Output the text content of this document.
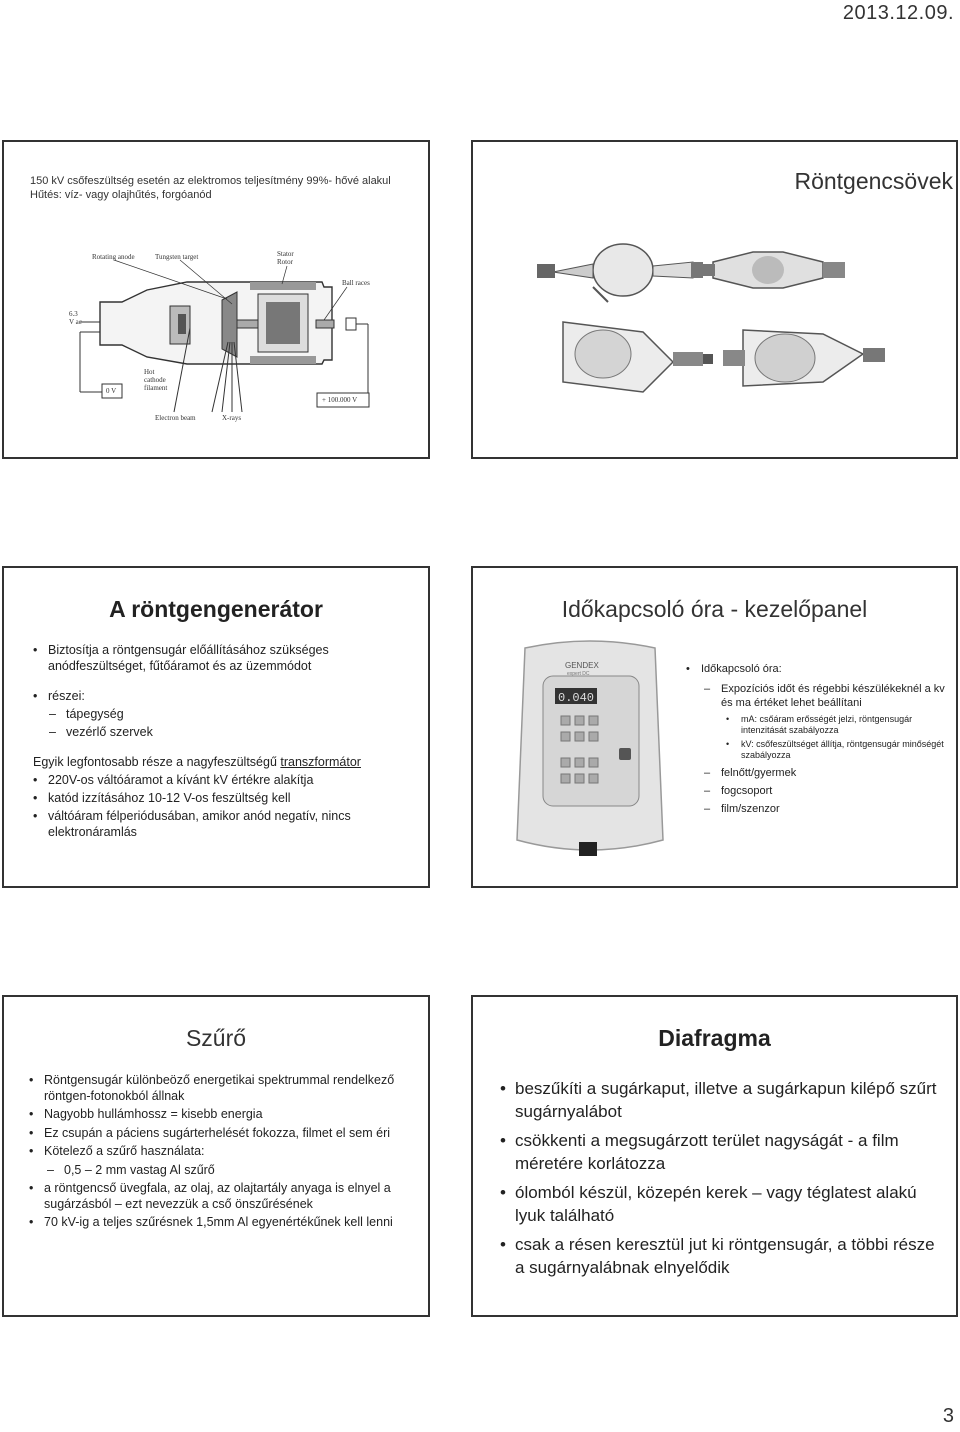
2013.12.09.
150 kV csőfeszültség esetén az elektromos teljesítmény 99%- hővé alakul
Hűtés: víz- vagy olajhűtés, forgóanód
Rotating anode	Tungsten target	Stator
Rotor
Ball races
6.3
V ac
Hot
cathode
filament
0 V
+ 100.000 V
Electron beam	X-rays
Röntgencsövek
A röntgengenerátor
• Biztosítja a röntgensugár előállításához szükséges anódfeszültséget, fűtőáramot és az üzemmódot
• részei:
– tápegység
– vezérlő szervek
Egyik legfontosabb része a nagyfeszültségű transzformátor
• 220V-os váltóáramot a kívánt kV értékre alakítja
• katód izzításához 10-12 V-os feszültség kell
• váltóáram félperiódusában, amikor anód negatív, nincs elektronáramlás
Időkapcsoló óra - kezelőpanel
GENDEX
expert DC
0.040
• Időkapcsoló óra:
– Expozíciós időt és régebbi készülékeknél a kv és ma értéket lehet beállítani
• mA: csőáram erősségét jelzi, röntgensugár intenzitását szabályozza
• kV: csőfeszültséget állítja, röntgensugár minőségét szabályozza
– felnőtt/gyermek
– fogcsoport
– film/szenzor
Szűrő
• Röntgensugár különbeöző energetikai spektrummal rendelkező röntgen-fotonokból állnak
• Nagyobb hullámhossz = kisebb energia
• Ez csupán a páciens sugárterhelését fokozza, filmet el sem éri
• Kötelező a szűrő használata:
– 0,5 – 2 mm vastag Al szűrő
• a röntgencső üvegfala, az olaj, az olajtartály anyaga is elnyel a sugárzásból – ezt nevezzük a cső önszűrésének
• 70 kV-ig a teljes szűrésnek 1,5mm Al egyenértékűnek kell lenni
Diafragma
• beszűkíti a sugárkaput, illetve a sugárkapun kilépő szűrt sugárnyalábot
• csökkenti a megsugárzott terület nagyságát - a film méretére korlátozza
• ólomból készül, közepén kerek – vagy téglatest alakú lyuk található
• csak a résen keresztül jut ki röntgensugár, a többi része a sugárnyalábnak elnyelődik
3
